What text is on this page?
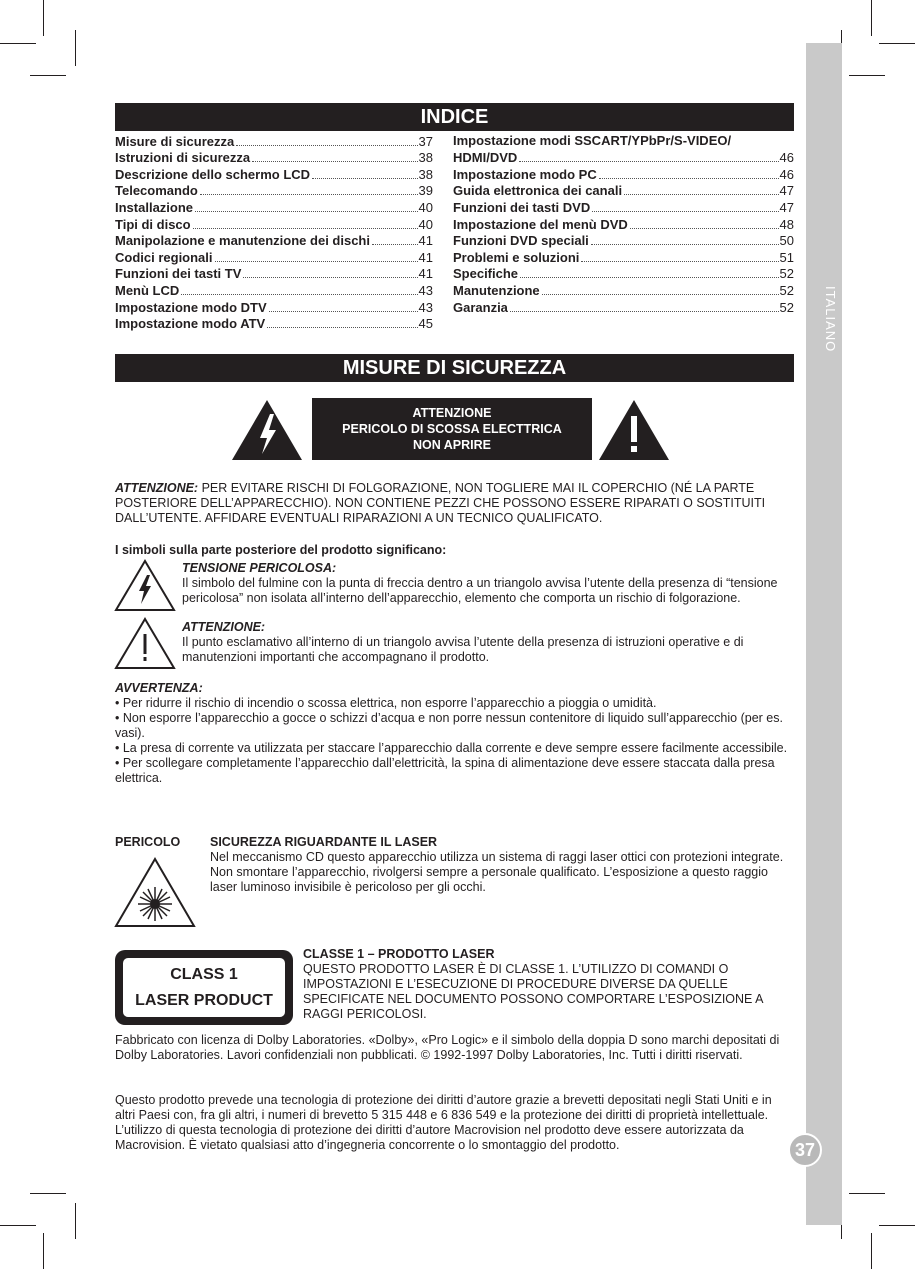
ITALIANO
37
INDICE
Misure di sicurezza	37
Istruzioni di sicurezza	38
Descrizione dello schermo LCD	38
Telecomando	39
Installazione	40
Tipi di disco	40
Manipolazione e manutenzione dei dischi	41
Codici regionali	41
Funzioni dei tasti TV	41
Menù LCD	43
Impostazione modo DTV	43
Impostazione modo ATV	45
Impostazione modi SSCART/YPbPr/S-VIDEO/
HDMI/DVD	46
Impostazione modo PC	46
Guida elettronica dei canali	47
Funzioni dei tasti DVD	47
Impostazione del menù DVD	48
Funzioni DVD speciali	50
Problemi e soluzioni	51
Specifiche	52
Manutenzione	52
Garanzia	52
MISURE DI SICUREZZA
ATTENZIONE
PERICOLO DI SCOSSA ELECTTRICA
NON APRIRE
ATTENZIONE: PER EVITARE RISCHI DI FOLGORAZIONE, NON TOGLIERE MAI IL COPERCHIO (NÉ LA PARTE POSTERIORE DELL’APPARECCHIO). NON CONTIENE PEZZI CHE POSSONO ESSERE RIPARATI O SOSTITUITI DALL’UTENTE. AFFIDARE EVENTUALI RIPARAZIONI A UN TECNICO QUALIFICATO.
I simboli sulla parte posteriore del prodotto significano:
TENSIONE PERICOLOSA:
Il simbolo del fulmine con la punta di freccia dentro a un triangolo avvisa l’utente della presenza di “tensione pericolosa” non isolata all’interno dell’apparecchio, elemento che comporta un rischio di folgorazione.
ATTENZIONE:
Il punto esclamativo all’interno di un triangolo avvisa l’utente della presenza di istruzioni operative e di manutenzioni importanti che accompagnano il prodotto.
AVVERTENZA:
• Per ridurre il rischio di incendio o scossa elettrica, non esporre l’apparecchio a pioggia o umidità.
• Non esporre l’apparecchio a gocce o schizzi d’acqua e non porre nessun contenitore di liquido sull’apparecchio (per es. vasi).
• La presa di corrente va utilizzata per staccare l’apparecchio dalla corrente e deve sempre essere facilmente accessibile.
• Per scollegare completamente l’apparecchio dall’elettricità, la spina di alimentazione deve essere staccata dalla presa elettrica.
PERICOLO SICUREZZA RIGUARDANTE IL LASER
Nel meccanismo CD questo apparecchio utilizza un sistema di raggi laser ottici con protezioni integrate. Non smontare l’apparecchio, rivolgersi sempre a personale qualificato. L’esposizione a questo raggio laser luminoso invisibile è pericoloso per gli occhi.
CLASS 1
LASER PRODUCT
CLASSE 1 – PRODOTTO LASER
QUESTO PRODOTTO LASER È DI CLASSE 1. L’UTILIZZO DI COMANDI O IMPOSTAZIONI E L’ESECUZIONE DI PROCEDURE DIVERSE DA QUELLE SPECIFICATE NEL DOCUMENTO POSSONO COMPORTARE L’ESPOSIZIONE A RAGGI PERICOLOSI.
Fabbricato con licenza di Dolby Laboratories. «Dolby», «Pro Logic» e il simbolo della doppia D sono marchi depositati di Dolby Laboratories. Lavori confidenziali non pubblicati. © 1992-1997 Dolby Laboratories, Inc. Tutti i diritti riservati.
Questo prodotto prevede una tecnologia di protezione dei diritti d’autore grazie a brevetti depositati negli Stati Uniti e in altri Paesi con, fra gli altri, i numeri di brevetto 5 315 448 e 6 836 549 e la protezione dei diritti di proprietà intellettuale. L’utilizzo di questa tecnologia di protezione dei diritti d’autore Macrovision nel prodotto deve essere autorizzata da Macrovision. È vietato qualsiasi atto d’ingegneria concorrente o lo smontaggio del prodotto.
